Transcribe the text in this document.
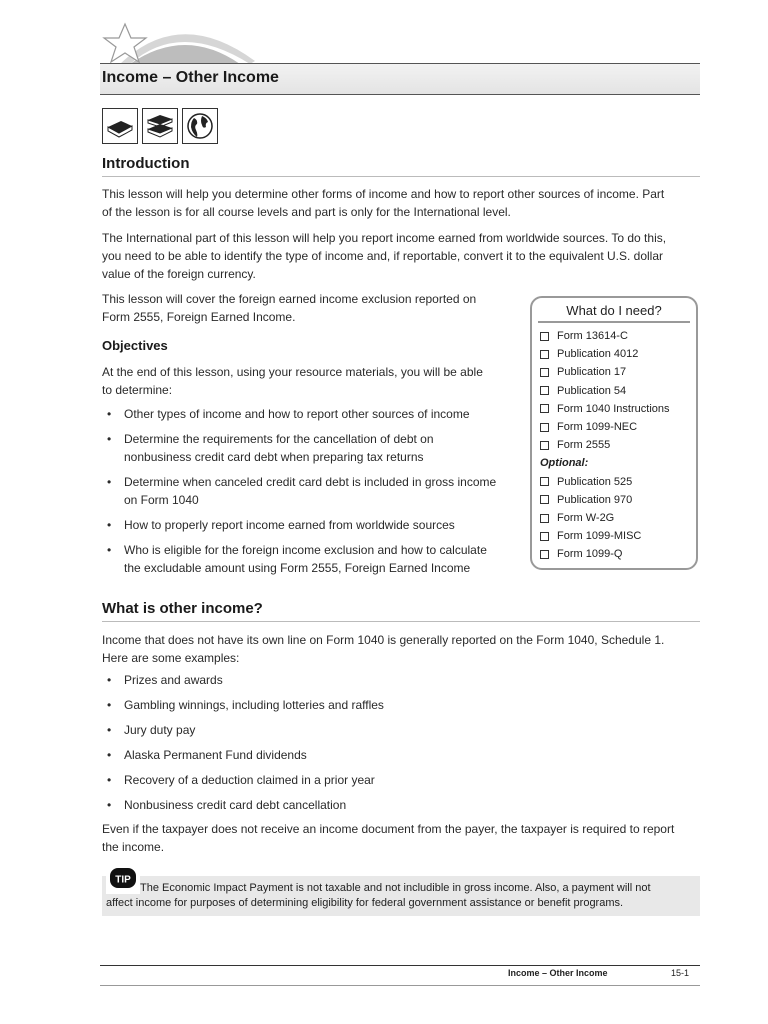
Income – Other Income
Introduction

This lesson will help you determine other forms of income and how to report other sources of income. Part
of the lesson is for all course levels and part is only for the International level.

The International part of this lesson will help you report income earned from worldwide sources. To do this,
you need to be able to identify the type of income and, if reportable, convert it to the equivalent U.S. dollar
value of the foreign currency.

This lesson will cover the foreign earned income exclusion reported on
Form 2555, Foreign Earned Income.

Objectives

At the end of this lesson, using your resource materials, you will be able
to determine:

• Other types of income and how to report other sources of income
• Determine the requirements for the cancellation of debt on
nonbusiness credit card debt when preparing tax returns
• Determine when canceled credit card debt is included in gross income
on Form 1040
• How to properly report income earned from worldwide sources
• Who is eligible for the foreign income exclusion and how to calculate
the excludable amount using Form 2555, Foreign Earned Income
What do I need?
Form 13614-C
Publication 4012
Publication 17
Publication 54
Form 1040 Instructions
Form 1099-NEC
Form 2555
Optional:
Publication 525
Publication 970
Form W-2G
Form 1099-MISC
Form 1099-Q
What is other income?

Income that does not have its own line on Form 1040 is generally reported on the Form 1040, Schedule 1.
Here are some examples:

• Prizes and awards
• Gambling winnings, including lotteries and raffles
• Jury duty pay
• Alaska Permanent Fund dividends
• Recovery of a deduction claimed in a prior year
• Nonbusiness credit card debt cancellation

Even if the taxpayer does not receive an income document from the payer, the taxpayer is required to report
the income.

TIP

The Economic Impact Payment is not taxable and not includible in gross income. Also, a payment will not
affect income for purposes of determining eligibility for federal government assistance or benefit programs.

Income – Other Income	15-1
